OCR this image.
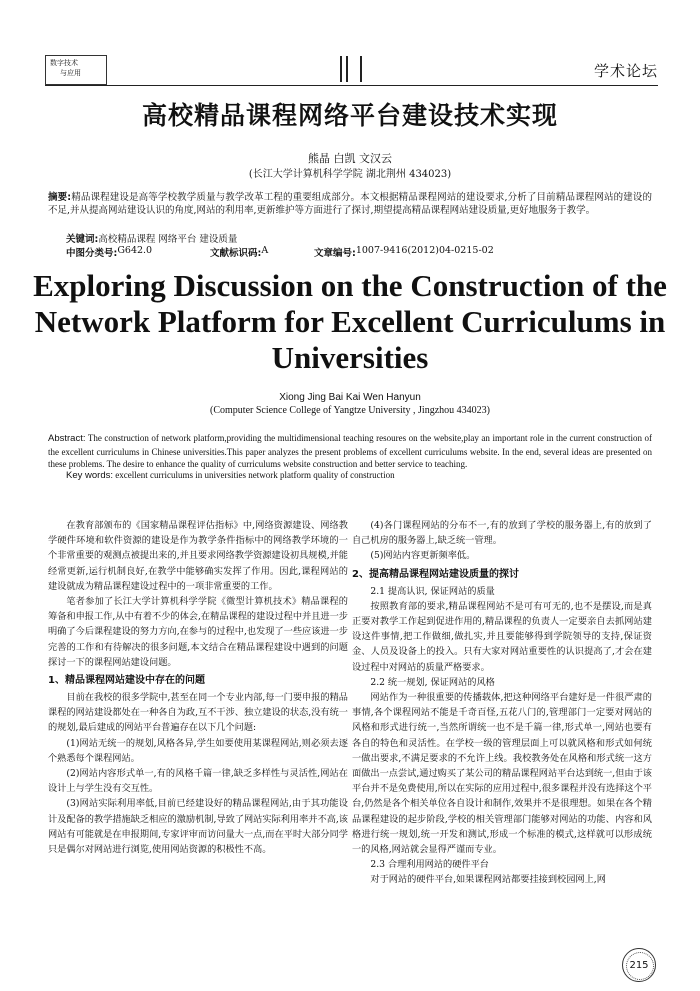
数字技术
与应用	学术论坛
高校精品课程网络平台建设技术实现
熊晶 白凯 文汉云
(长江大学计算机科学学院 湖北荆州 434023)
摘要:精品课程建设是高等学校教学质量与教学改革工程的重要组成部分。本文根据精品课程网站的建设要求,分析了目前精品课程网站的建设的不足,并从提高网站建设认识的角度,网站的利用率,更新维护等方面进行了探讨,期望提高精品课程网站建设质量,更好地服务于教学。
关键词:高校精品课程 网络平台 建设质量
中图分类号: G642.0	文献标识码: A	文章编号: 1007-9416(2012)04-0215-02
Exploring Discussion on the Construction of the Network Platform for Excellent Curriculums in Universities
Xiong Jing Bai Kai Wen Hanyun
(Computer Science College of Yangtze University , Jingzhou 434023)
Abstract: The construction of network platform,providing the multidimensional teaching resoures on the website,play an important role in the current construction of the excellent curriculums in Chinese universities.This paper analyzes the present problems of excellent curriculums website. In the end, several ideas are presented on these problems. The desire to enhance the quality of curriculums website construction and better service to teaching.
Key words: excellent curriculums in universities network platform quality of construction

在教育部颁布的《国家精品课程评估指标》中,网络资源建设、网络教学硬件环境和软件资源的建设是作为教学条件指标中的网络教学环境的一个非常重要的观测点被提出来的,并且要求网络教学资源建设初具规模,并能经常更新,运行机制良好,在教学中能够确实发挥了作用。因此,课程网站的建设就成为精品课程建设过程中的一项非常重要的工作。

笔者参加了长江大学计算机科学学院《微型计算机技术》精品课程的筹备和申报工作,从中有着不少的体会,在精品课程的建设过程中并且进一步明确了今后课程建设的努力方向,在参与的过程中,也发现了一些应该进一步完善的工作和有待解决的很多问题,本文结合在精品课程建设中遇到的问题探讨一下的课程网站建设问题。

1、精品课程网站建设中存在的问题

目前在我校的很多学院中,甚至在同一个专业内部,每一门要申报的精品课程的网站建设都处在一种各自为政,互不干涉、独立建设的状态,没有统一的规划,最后建成的网站平台普遍存在以下几个问题:

(1)网站无统一的规划,风格各异,学生如要使用某课程网站,则必须去逐个熟悉每个课程网站。

(2)网站内容形式单一,有的风格千篇一律,缺乏多样性与灵活性,网站在设计上与学生没有交互性。

(3)网站实际利用率低,目前已经建设好的精品课程网站,由于其功能设计及配备的教学措施缺乏相应的激励机制,导致了网站实际利用率并不高,该网站有可能就是在申报期间,专家评审而访问量大一点,而在平时大部分同学只是偶尔对网站进行浏览,使用网站资源的积极性不高。

(4)各门课程网站的分布不一,有的放到了学校的服务器上,有的放到了自己机房的服务器上,缺乏统一管理。

(5)网站内容更新频率低。

2、提高精品课程网站建设质量的探讨
2.1 提高认识, 保证网站的质量

按照教育部的要求,精品课程网站不是可有可无的,也不是摆设,而是真正要对教学工作起到促进作用的,精品课程的负责人一定要亲自去抓网站建设这件事情,把工作做细,做扎实,并且要能够得到学院领导的支持,保证资金、人员及设备上的投入。只有大家对网站重要性的认识提高了,才会在建设过程中对网站的质量严格要求。

2.2 统一规划, 保证网站的风格

网站作为一种很重要的传播载体,把这种网络平台建好是一件很严肃的事情,各个课程网站不能是千奇百怪,五花八门的,管理部门一定要对网站的风格和形式进行统一,当然所谓统一也不是千篇一律,形式单一,网站也要有各自的特色和灵活性。在学校一级的管理层面上可以就风格和形式如何统一做出要求,不满足要求的不允许上线。我校教务处在风格和形式统一这方面做出一点尝试,通过购买了某公司的精品课程网站平台达到统一,但由于该平台并不是免费使用,所以在实际的应用过程中,很多课程并没有选择这个平台,仍然是各个相关单位各自设计和制作,效果并不是很理想。如果在各个精品课程建设的起步阶段,学校的相关管理部门能够对网站的功能、内容和风格进行统一规划,统一开发和测试,形成一个标准的模式,这样就可以形成统一的风格,网站就会显得严谨而专业。

2.3 合理利用网站的硬件平台

对于网站的硬件平台,如果课程网站都要挂接到校园网上,网

215
